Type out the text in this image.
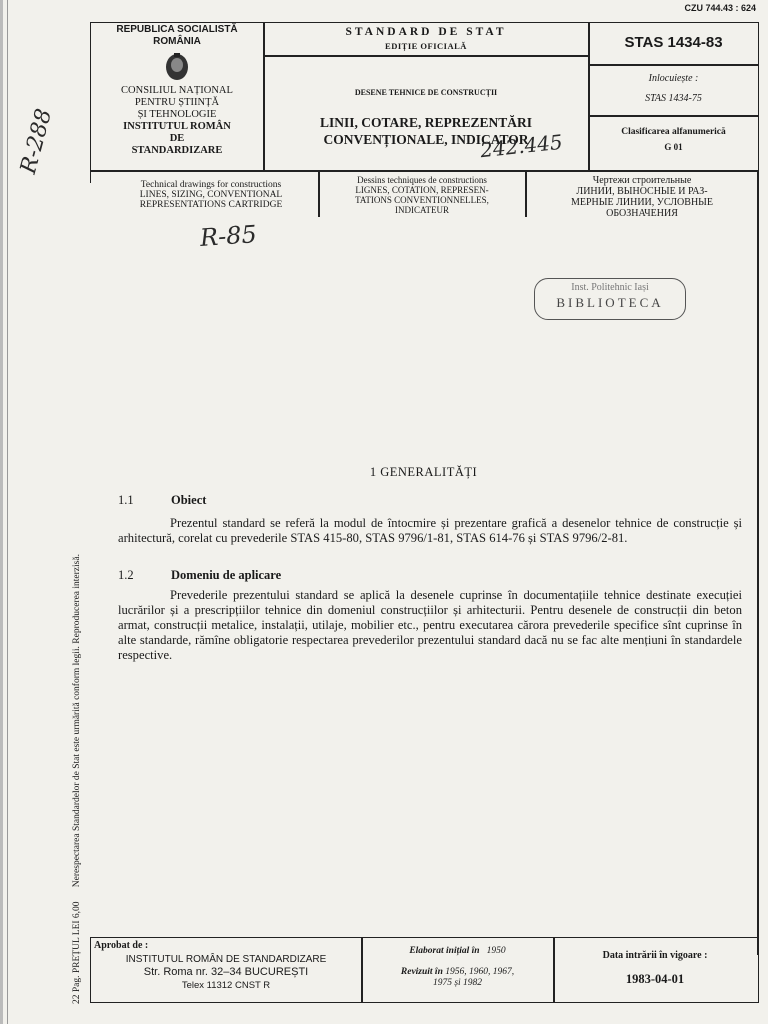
CZU 744.43 : 624
REPUBLICA SOCIALISTĂ
ROMÂNIA
CONSILIUL NAȚIONAL
PENTRU ȘTIINȚĂ
ȘI TEHNOLOGIE
INSTITUTUL ROMÂN
DE
STANDARDIZARE
STANDARD DE STAT
EDIȚIE OFICIALĂ
DESENE TEHNICE DE CONSTRUCȚII
LINII, COTARE, REPREZENTĂRI
CONVENȚIONALE, INDICATOR
242.445
STAS 1434-83
Inlocuiește :
STAS 1434-75
Clasificarea alfanumerică
G 01
Technical drawings for constructions
LINES, SIZING, CONVENTIONAL
REPRESENTATIONS CARTRIDGE
Dessins techniques de constructions
LIGNES, COTATION, REPRESEN-
TATIONS CONVENTIONNELLES,
INDICATEUR
Чертежи строительные
ЛИНИИ, ВЫНОСНЫЕ И РАЗ-
МЕРНЫЕ ЛИНИИ, УСЛОВНЫЕ
ОБОЗНАЧЕНИЯ
R-288
R-85
Inst. Politehnic Iași
BIBLIOTECA
22 Pag. PREȚUL LEI 6,00      Nerespectarea Standardelor de Stat este urmărită conform legii. Reproducerea interzisă.
1 GENERALITĂȚI
1.1	Obiect
Prezentul standard se referă la modul de întocmire și prezentare grafică a desenelor tehnice de construcție și arhitectură, corelat cu prevederile STAS 415-80, STAS 9796/1-81, STAS 614-76 și STAS 9796/2-81.
1.2	Domeniu de aplicare
Prevederile prezentului standard se aplică la desenele cuprinse în documentațiile tehnice destinate execuției lucrărilor și a prescripțiilor tehnice din domeniul construcțiilor și arhitecturii. Pentru desenele de construcții din beton armat, construcții metalice, instalații, utilaje, mobilier etc., pentru executarea cărora prevederile specifice sînt cuprinse în alte standarde, rămîne obligatorie respectarea prevederilor prezentului standard dacă nu se fac alte mențiuni în standardele respective.
Aprobat de :
INSTITUTUL ROMÂN DE STANDARDIZARE
Str. Roma nr. 32–34 BUCUREȘTI
Telex 11312 CNST R
Elaborat inițial în 1950
Revizuit în 1956, 1960, 1967,
1975 și 1982
Data intrării în vigoare :
1983-04-01
